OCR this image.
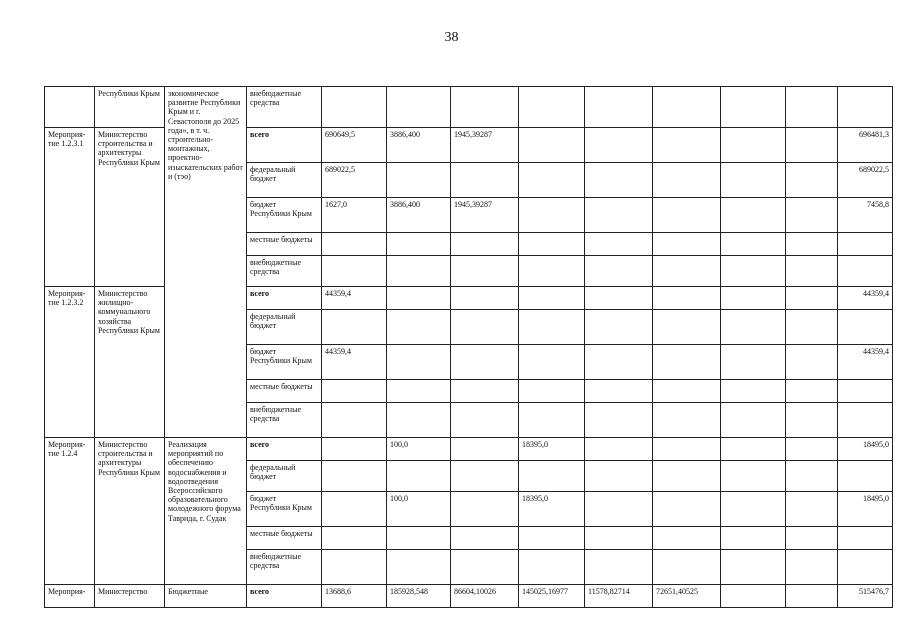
38
	Республики Крым	экономическое развитие Республики Крым и г. Севастополя до 2025 года», в т. ч. строительно-монтажных, проектно-изыскательских работ и (тэо)	внебюджетные средства									
Мероприя-тие 1.2.3.1	Министерство строительства и архитектуры Республики Крым		всего	690649,5	3886,400	1945,39287						696481,3
			федеральный бюджет	689022,5								689022,5
			бюджет Республики Крым	1627,0	3886,400	1945,39287						7458,8
			местные бюджеты									
			внебюджетные средства									
Мероприя-тие 1.2.3.2	Министерство жилищно-коммунального хозяйства Республики Крым		всего	44359,4								44359,4
			федеральный бюджет									
			бюджет Республики Крым	44359,4								44359,4
			местные бюджеты									
			внебюджетные средства									
Мероприя-тие 1.2.4	Министерство строительства и архитектуры Республики Крым	Реализация мероприятий по обеспечению водоснабжения и водоотведения Всероссийского образовательного молодежного форума Таврида, г. Судак	всего		100,0		18395,0					18495,0
			федеральный бюджет									
			бюджет Республики Крым		100,0		18395,0					18495,0
			местные бюджеты									
			внебюджетные средства									
Мероприя-	Министерство	Бюджетные	всего	13688,6	185928,548	86604,10026	145025,16977	11578,82714	72651,40525			515476,7
